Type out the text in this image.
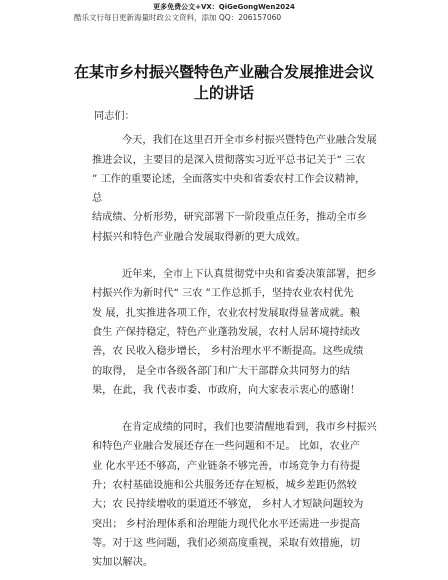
更多免费公文+VX：QiGeGongWen2024
酷乐文行每日更新海量时政公文资料，添加 QQ：206157060
在某市乡村振兴暨特色产业融合发展推进会议
上的讲话

同志们：

今天，我们在这里召开全市乡村振兴暨特色产业融合发展

推进会议，主要目的是深入贯彻落实习近平总书记关于“ 三农

” 工作的重要论述，全面落实中央和省委农村工作会议精神，

总

结成绩、分析形势，研究部署下一阶段重点任务，推动全市乡

村振兴和特色产业融合发展取得新的更大成效。

近年来，全市上下认真贯彻党中央和省委决策部署，把乡

村振兴作为新时代“ 三农 ”工作总抓手，坚持农业农村优先

发 展，扎实推进各项工作，农业农村发展取得显著成就。粮

食生 产保持稳定，特色产业蓬勃发展，农村人居环境持续改

善，农 民收入稳步增长， 乡村治理水平不断提高。这些成绩

的取得， 是全市各级各部门和广大干部群众共同努力的结

果，在此，我 代表市委、市政府，向大家表示衷心的感谢！

在肯定成绩的同时，我们也要清醒地看到，我市乡村振兴

和特色产业融合发展还存在一些问题和不足。 比如，农业产

业 化水平还不够高，产业链条不够完善，市场竞争力有待提

升；农村基础设施和公共服务还存在短板，城乡差距仍然较

大；农 民持续增收的渠道还不够宽， 乡村人才短缺问题较为

突出； 乡村治理体系和治理能力现代化水平还需进一步提高

等。对于这 些问题，我们必须高度重视，采取有效措施，切

实加以解决。
